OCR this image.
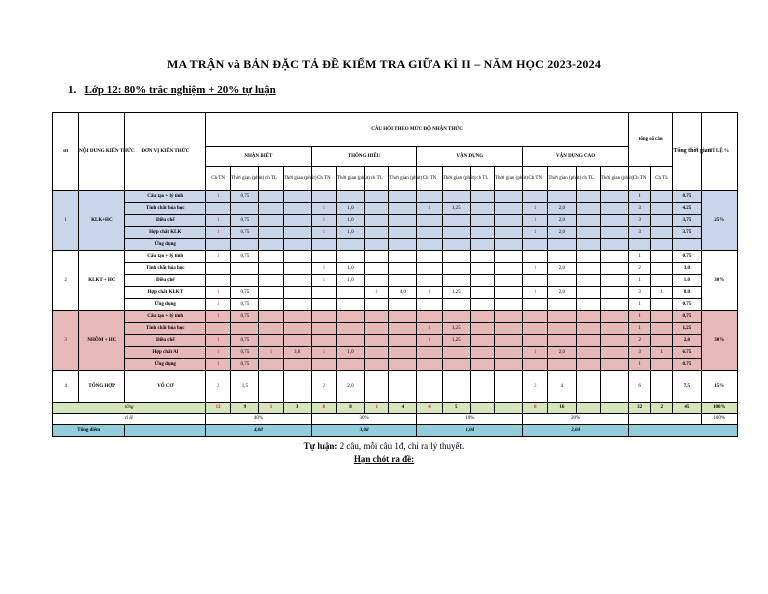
MA TRẬN và BẢN ĐẶC TẢ ĐỀ KIỂM TRA GIỮA KÌ II – NĂM HỌC 2023-2024
1. Lớp 12: 80% trắc nghiệm + 20% tự luận
stt	NỘI DUNG KIẾN THỨC	ĐƠN VỊ KIẾN THỨC	CÂU HỎI THEO MỨC ĐỘ NHẬN THỨC																tổng số câu		Tổng thời gian	TỈ LỆ %
			NHẬN BIẾT				THÔNG HIỂU				VẬN DỤNG				VẬN DỤNG CAO							
			Ch TN	Thời gian (phút)	ch TL	Thời gian (phút)	Ch TN	Thời gian (phút)	ch TL	Thời gian (phút)	Ch TN	Thời gian (phút)	ch TL	Thời gian (phút)	Ch TN	Thời gian (phút)	ch TL	Thời gian (phút)	Ch TN	Ch TL		
1	KLK+HC	Cấu tạo + lý tính	1	0,75															1		0.75	25%
		Tính chất hóa học					1	1,0			1	1,25			1	2,0			3		4.25	
		Điều chế	1	0,75			1	1,0							1	2,0			3		3,75	
		Hợp chất KLK	1	0,75			1	1,0							1	2,0			3		3.75	
		Ứng dụng																				
2	KLKT + HC	Cấu tạo + lý tính	1	0,75															1		0.75	30%
		Tính chất hóa học					1	1,0							1	2,0			2		3.0	
		Điều chế					1	1,0											1		1.0	
		Hợp chất KLKT	1	0,75					1	4,0	1	1,25			1	2,0			3	1	8.0	
		Ứng dụng	1	0,75															1		0.75	
3	NHÔM + HC	Cấu tạo + lý tính	1	0,75															1		0,75	30%
		Tính chất hóa học									1	1,25							1		1,25	
		Điều chế	1	0,75							1	1,25							2		2,0	
		Hợp chất Al	1	0,75	1	3,0	1	1,0							1	2,0			3	1	6.75	
		Ứng dụng	1	0,75															1		0.75	
4	TỔNG HỢP	VÔ CƠ	2	1,5			2	2,0							2	4			6		7,5	15%
tổng			12	9	1	3	8	8	1	4	4	5			8	16			32	2	45	100%
tỉ lệ			40%				30%				10%				20%							100%
Tổng điểm			4,0đ				3,0đ				1,0đ				2,0đ							
Tự luận: 2 câu, mỗi câu 1đ, chỉ ra lý thuyết.
Hạn chót ra đề:
